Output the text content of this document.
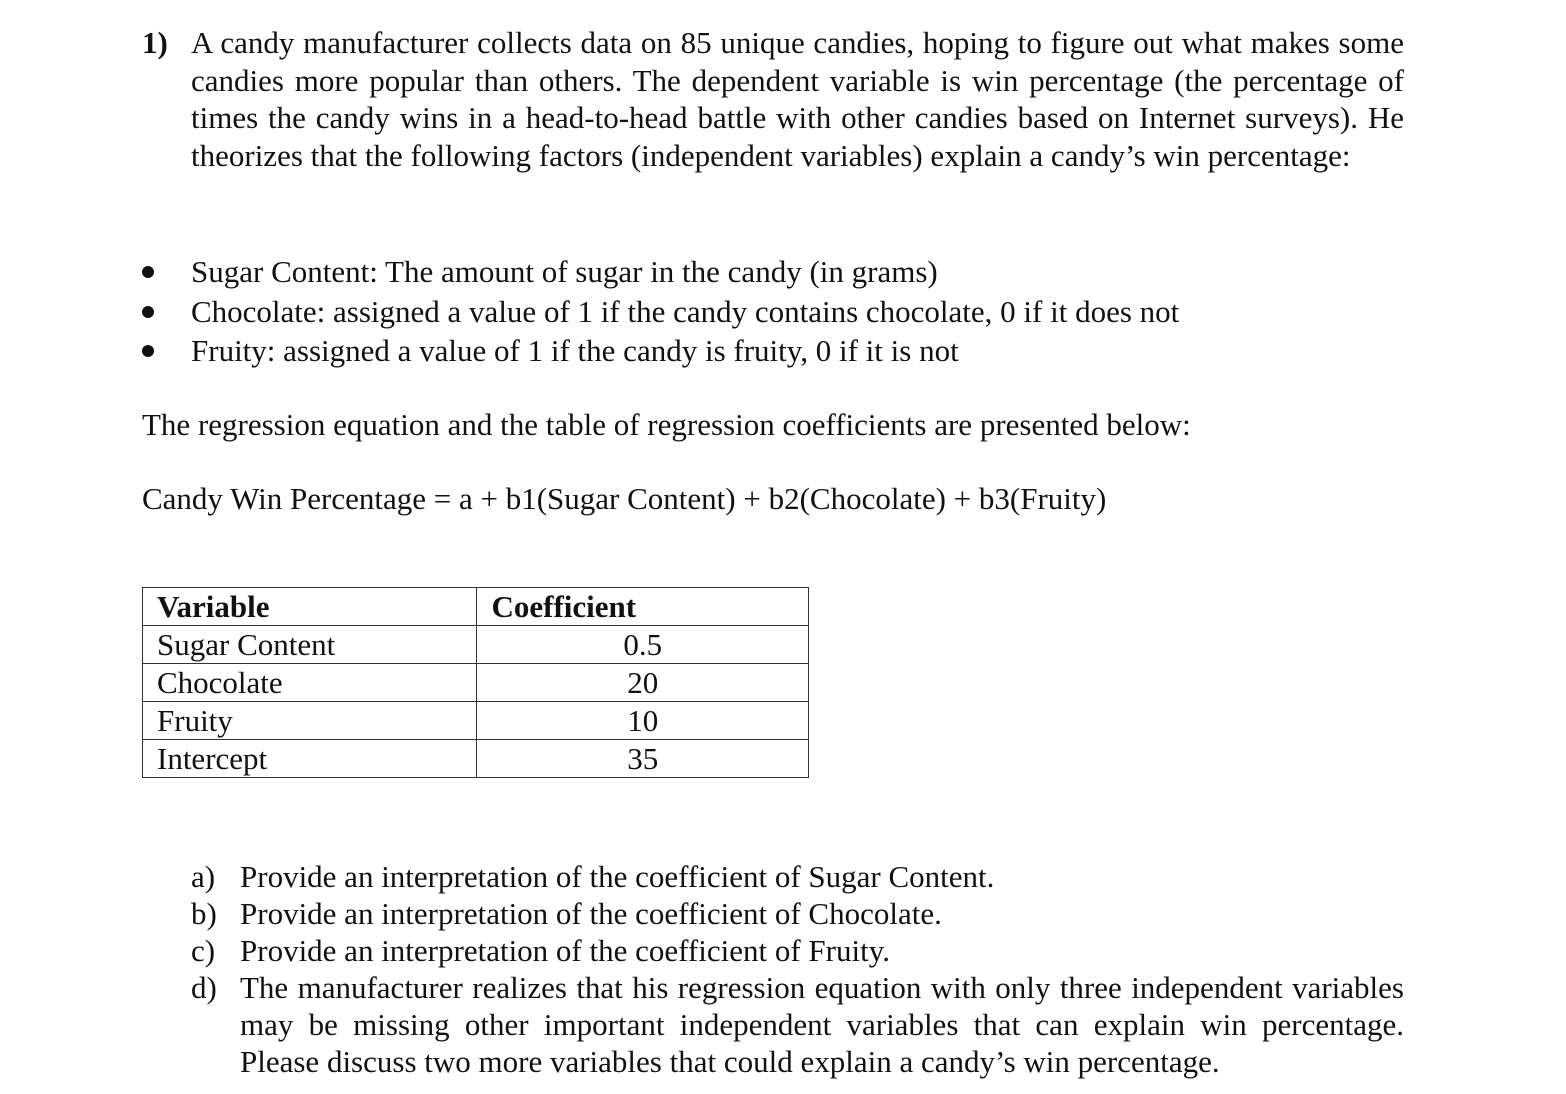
1) A candy manufacturer collects data on 85 unique candies, hoping to figure out what makes some candies more popular than others. The dependent variable is win percentage (the percentage of times the candy wins in a head-to-head battle with other candies based on Internet surveys). He theorizes that the following factors (independent variables) explain a candy’s win percentage:
Sugar Content: The amount of sugar in the candy (in grams)
Chocolate: assigned a value of 1 if the candy contains chocolate, 0 if it does not
Fruity: assigned a value of 1 if the candy is fruity, 0 if it is not
The regression equation and the table of regression coefficients are presented below:
Candy Win Percentage = a + b1(Sugar Content) + b2(Chocolate) + b3(Fruity)
Variable	Coefficient
Sugar Content	0.5
Chocolate	20
Fruity	10
Intercept	35
a) Provide an interpretation of the coefficient of Sugar Content.
b) Provide an interpretation of the coefficient of Chocolate.
c) Provide an interpretation of the coefficient of Fruity.
d) The manufacturer realizes that his regression equation with only three independent variables may be missing other important independent variables that can explain win percentage. Please discuss two more variables that could explain a candy’s win percentage.
